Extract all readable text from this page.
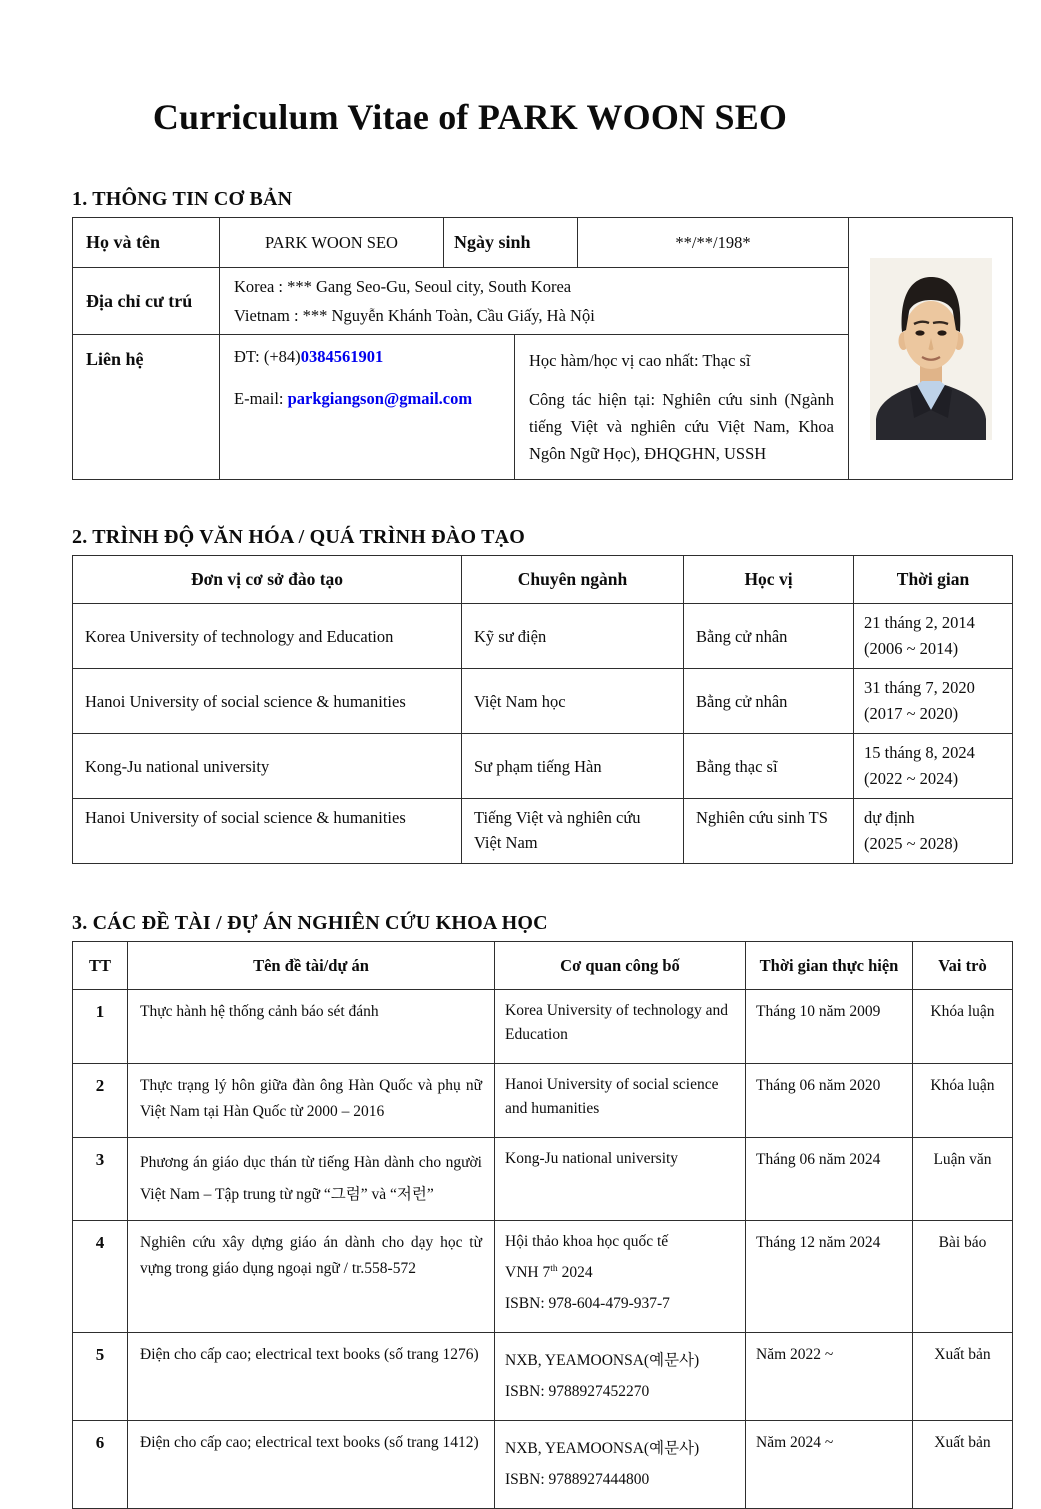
Curriculum Vitae of PARK WOON SEO
1. THÔNG TIN CƠ BẢN
Họ và tên	PARK WOON SEO	Ngày sinh		**/**/198*	
Địa chỉ cư trú	Korea : *** Gang Seo-Gu, Seoul city, South Korea
Vietnam : *** Nguyễn Khánh Toàn, Cầu Giấy, Hà Nội				

Liên hệ	ĐT: (+84)0384561901
E-mail: parkgiangson@gmail.com

Học hàm/học vị cao nhất: Thạc sĩ
Công tác hiện tại: Nghiên cứu sinh (Ngành tiếng Việt và nghiên cứu Việt Nam, Khoa Ngôn Ngữ Học), ĐHQGHN, USSH
2. TRÌNH ĐỘ VĂN HÓA / QUÁ TRÌNH ĐÀO TẠO
Đơn vị cơ sở đào tạo	Chuyên ngành	Học vị	Thời gian
Korea University of technology and Education	Kỹ sư điện	Bằng cử nhân	21 tháng 2, 2014
(2006 ~ 2014)

Hanoi University of social science & humanities	Việt Nam học	Bằng cử nhân	31 tháng 7, 2020
(2017 ~ 2020)

Kong-Ju national university	Sư phạm tiếng Hàn	Bằng thạc sĩ	15 tháng 8, 2024
(2022 ~ 2024)

Hanoi University of social science & humanities	Tiếng Việt và nghiên cứu Việt Nam	Nghiên cứu sinh TS	dự định
(2025 ~ 2028)
3. CÁC ĐỀ TÀI / ĐỰ ÁN NGHIÊN CỨU KHOA HỌC
TT	Tên đề tài/dự án	Cơ quan công bố	Thời gian thực hiện	Vai trò
1	Thực hành hệ thống cảnh báo sét đánh	Korea University of technology and Education	Tháng 10 năm 2009	Khóa luận
2	Thực trạng lý hôn giữa đàn ông Hàn Quốc và phụ nữ Việt Nam tại Hàn Quốc từ 2000 – 2016	Hanoi University of social science and humanities	Tháng 06 năm 2020	Khóa luận
3	Phương án giáo dục thán từ tiếng Hàn dành cho người Việt Nam – Tập trung từ ngữ “그럼” và “저런”	Kong-Ju national university	Tháng 06 năm 2024	Luận văn
4	Nghiên cứu xây dựng giáo án dành cho dạy học từ vựng trong giáo dụng ngoại ngữ / tr.558-572	Hội thảo khoa học quốc tế
VNH 7th 2024
ISBN: 978-604-479-937-7	Tháng 12 năm 2024	Bài báo
5	Điện cho cấp cao; electrical text books (số trang 1276)	NXB, YEAMOONSA(예문사)
ISBN: 9788927452270	Năm 2022 ~	Xuất bản
6	Điện cho cấp cao; electrical text books (số trang 1412)	NXB, YEAMOONSA(예문사)
ISBN: 9788927444800	Năm 2024 ~	Xuất bản
